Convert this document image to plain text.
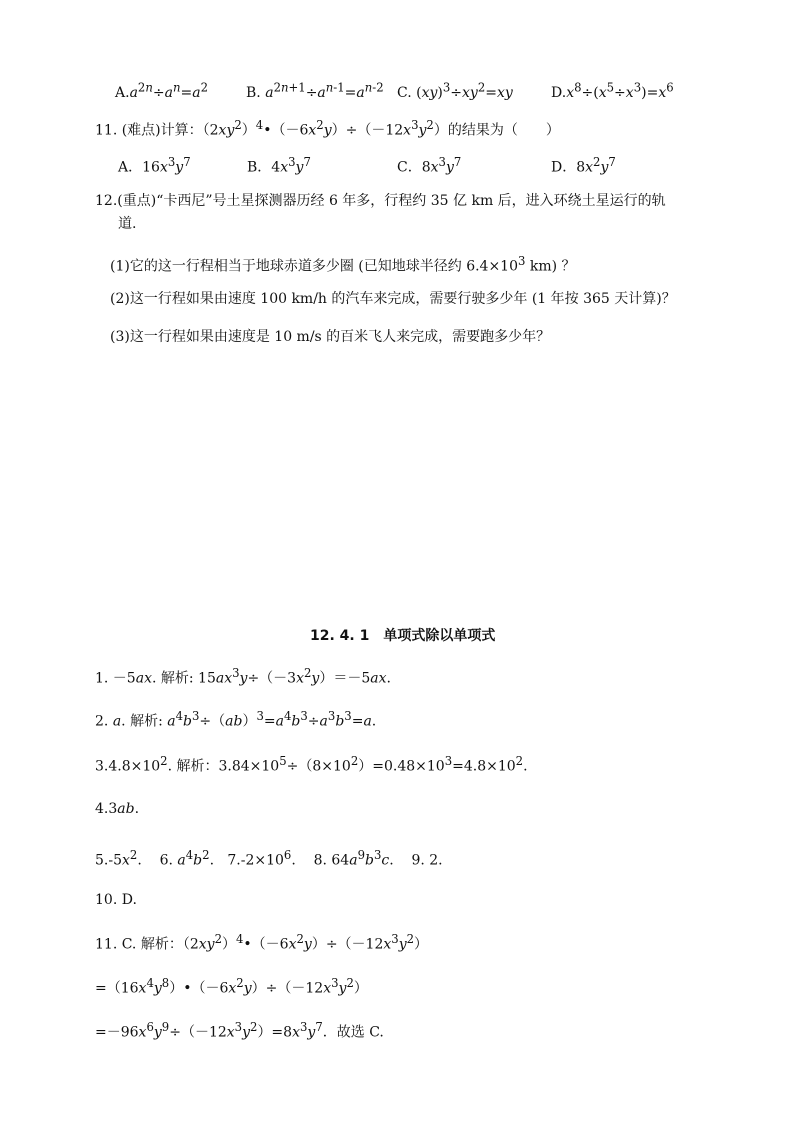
$A.a^{2n}\div a^n=a^2$	B. $a^{2n+1}\div a^{n-1}=a^{n-2}$ C. $(xy)^3\div xy^2=xy$	$D.x^8\div(x^5\div x^3)=x^6$
11. (难点)计算：$(2xy^2)^4•(-6x^2y)\div(-12x^3y^2)$的结果为（　　）
A．$16x^3y^7$	B．$4x^3y^7$	C．$8x^3y^7$	D．$8x^2y^7$
12.(重点)“卡西尼”号土星探测器历经 6 年多，行程约 35 亿 km 后，进入环绕土星运行的轨
道.
(1)它的这一行程相当于地球赤道多少圈 (已知地球半径约 $6.4\times 10^3$ km) ？
(2)这一行程如果由速度 100 km/h 的汽车来完成，需要行驶多少年 (1 年按 365 天计算)？
(3)这一行程如果由速度是 10 m/s 的百米飞人来完成，需要跑多少年？
12. 4. 1　单项式除以单项式
1. －5ax. 解析: $15ax^3y\div(-3x^2y)=-5ax$.
2. a. 解析: $a^4b^3\div(ab)^3=a^4b^3\div a^3b^3=a$.
$3.4.8\times 10^2$. 解析：$3.84\times 10^5\div(8\times 10^2)=0.48\times 10^3=4.8\times 10^2$.
4.3ab.
$5.-5x^2$.    6. $a^4b^2$.   $7.-2\times 10^6$.    8. $64a^9b^3c$.    9. 2.
10. D.
11. C. 解析：$(2xy^2)^4•(-6x^2y)\div(-12x^3y^2)$
$=(16x^4y^8)•(-6x^2y)\div(-12x^3y^2)$
$=-96x^6y^9\div(-12x^3y^2)=8x^3y^7$．故选 C.
